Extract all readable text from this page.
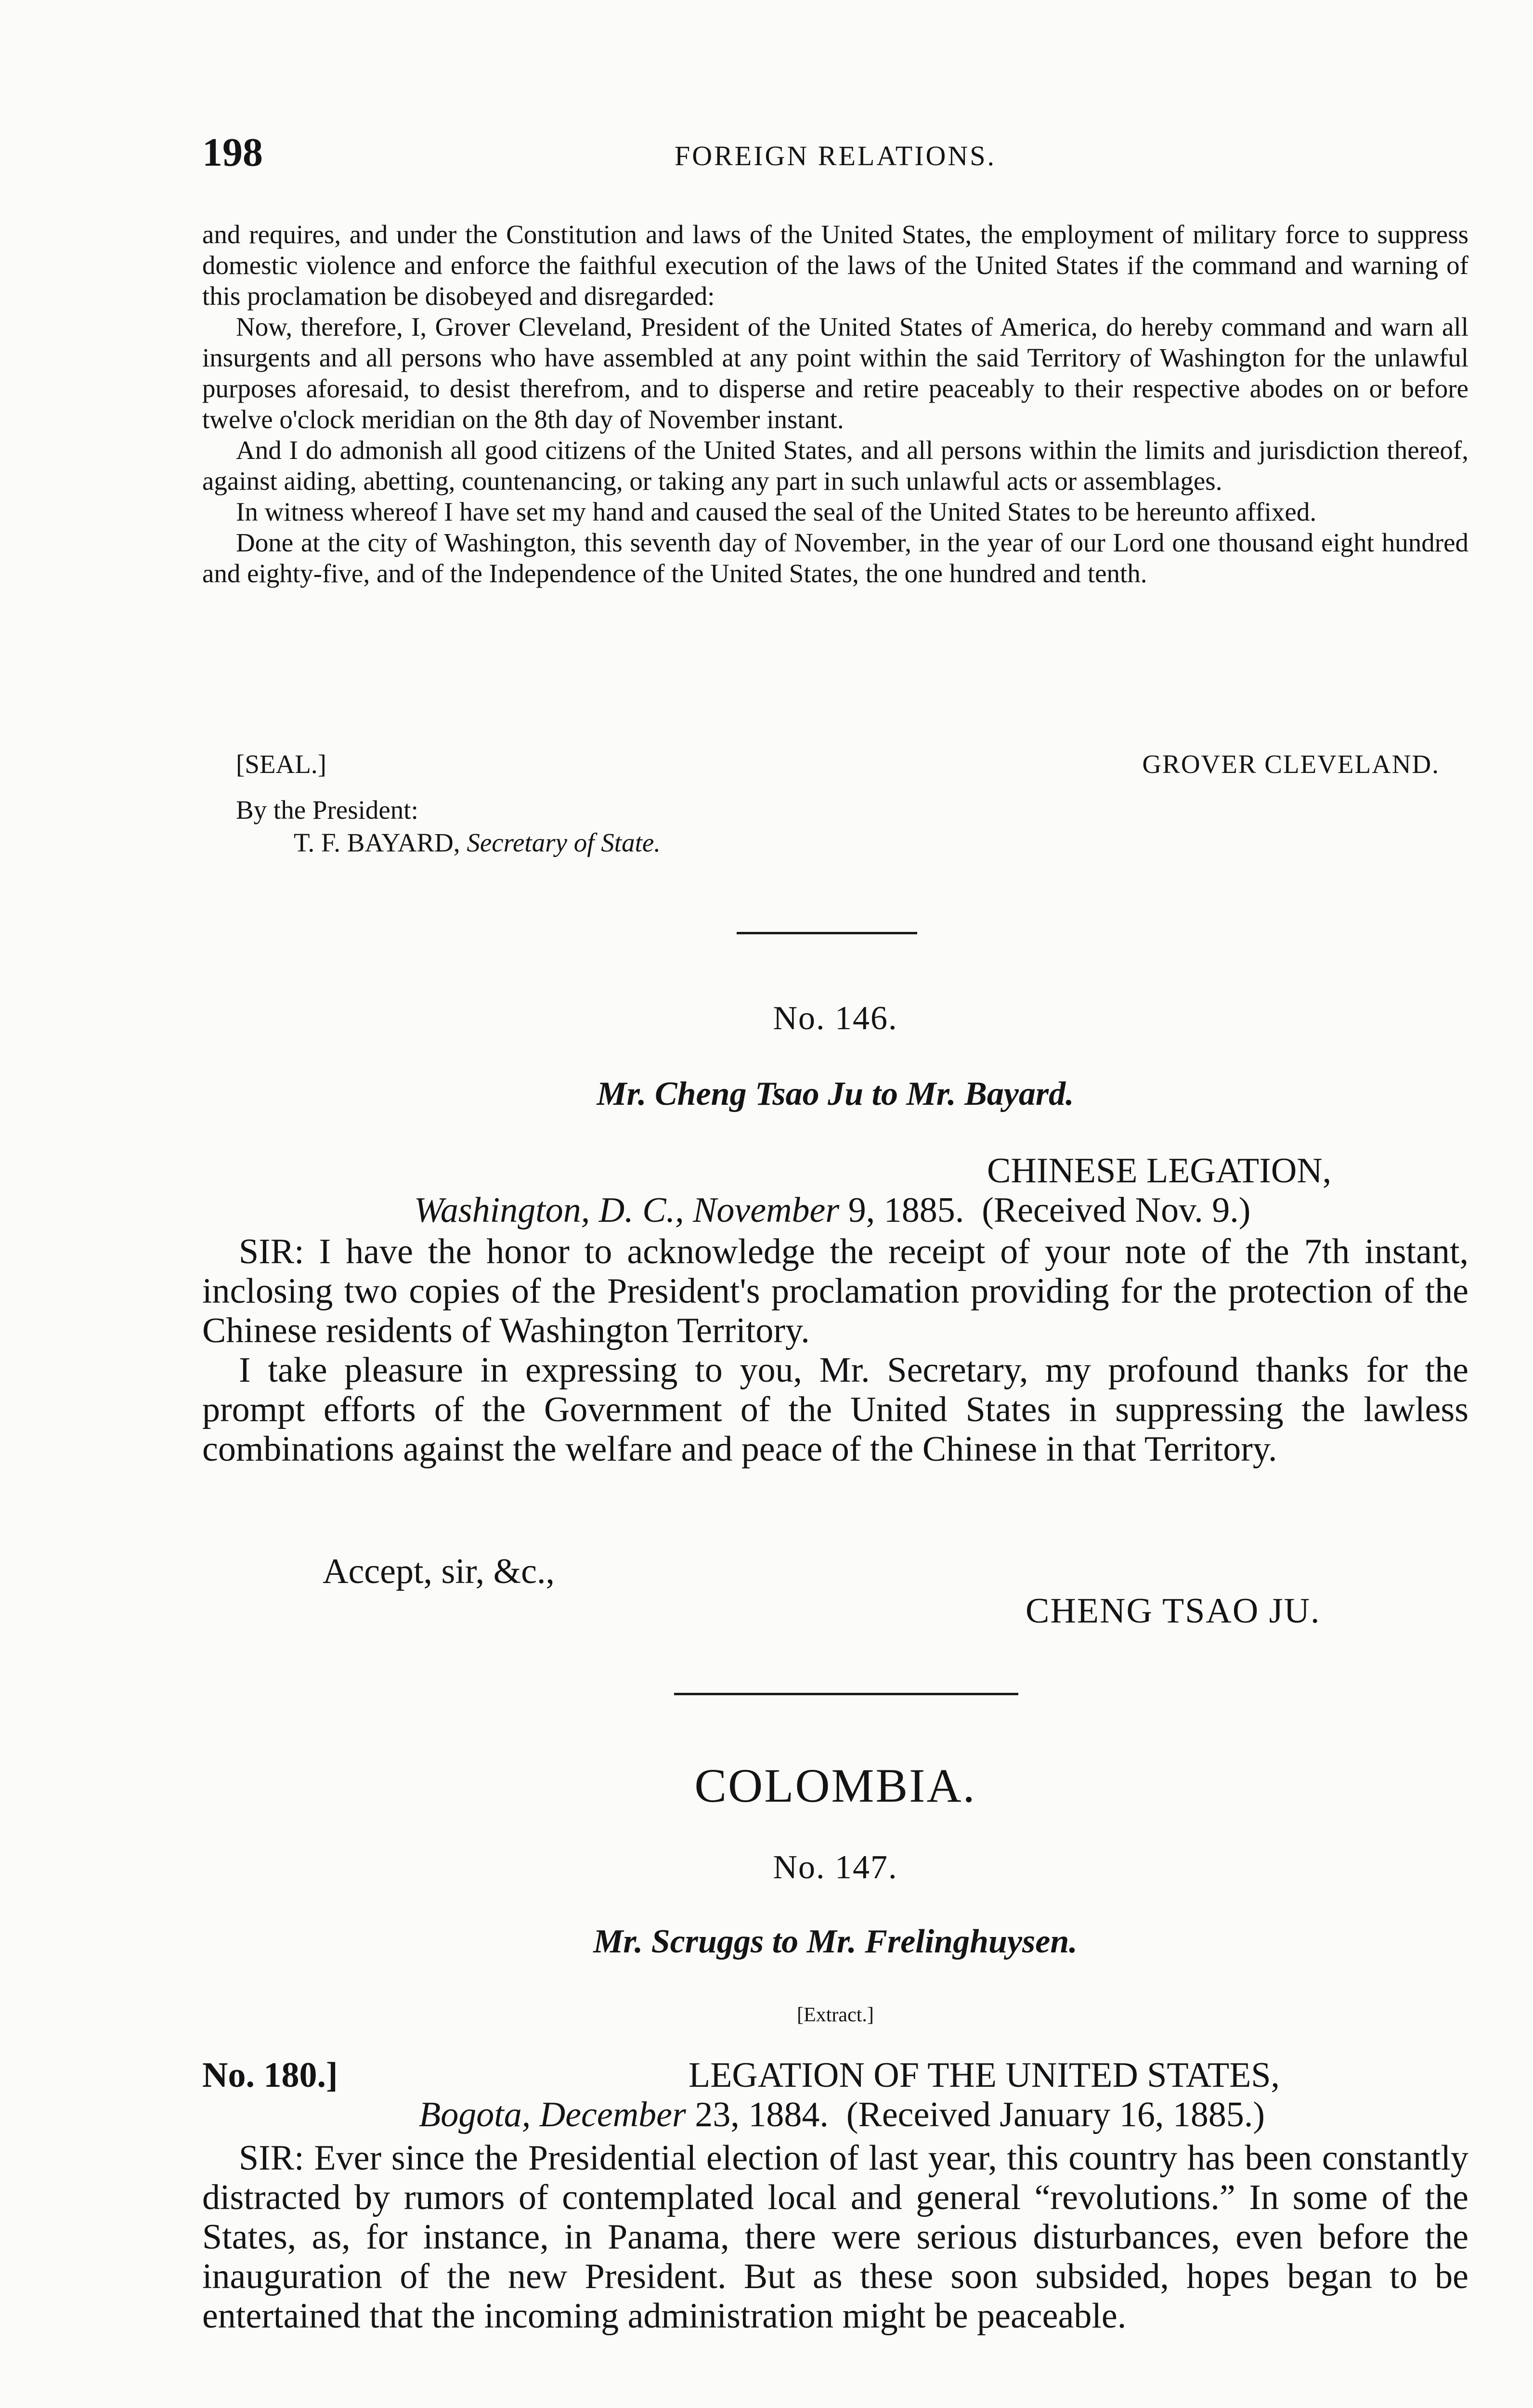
198	FOREIGN RELATIONS.

and requires, and under the Constitution and laws of the United States, the employment of military force to suppress domestic violence and enforce the faithful execution of the laws of the United States if the command and warning of this proclamation be disobeyed and disregarded:

Now, therefore, I, Grover Cleveland, President of the United States of America, do hereby command and warn all insurgents and all persons who have assembled at any point within the said Territory of Washington for the unlawful purposes aforesaid, to desist therefrom, and to disperse and retire peaceably to their respective abodes on or before twelve o'clock meridian on the 8th day of November instant.

And I do admonish all good citizens of the United States, and all persons within the limits and jurisdiction thereof, against aiding, abetting, countenancing, or taking any part in such unlawful acts or assemblages.

In witness whereof I have set my hand and caused the seal of the United States to be hereunto affixed.

Done at the city of Washington, this seventh day of November, in the year of our Lord one thousand eight hundred and eighty-five, and of the Independence of the United States, the one hundred and tenth.

[SEAL.]	GROVER CLEVELAND.
By the President:
T. F. BAYARD, Secretary of State.
No. 146.
Mr. Cheng Tsao Ju to Mr. Bayard.
CHINESE LEGATION,
Washington, D. C., November 9, 1885. (Received Nov. 9.)

SIR: I have the honor to acknowledge the receipt of your note of the 7th instant, inclosing two copies of the President's proclamation providing for the protection of the Chinese residents of Washington Territory.

I take pleasure in expressing to you, Mr. Secretary, my profound thanks for the prompt efforts of the Government of the United States in suppressing the lawless combinations against the welfare and peace of the Chinese in that Territory.

Accept, sir, &c.,
CHENG TSAO JU.
COLOMBIA.
No. 147.
Mr. Scruggs to Mr. Frelinghuysen.
[Extract.]
No. 180.]	LEGATION OF THE UNITED STATES,
Bogota, December 23, 1884. (Received January 16, 1885.)

SIR: Ever since the Presidential election of last year, this country has been constantly distracted by rumors of contemplated local and general “revolutions.” In some of the States, as, for instance, in Panama, there were serious disturbances, even before the inauguration of the new President. But as these soon subsided, hopes began to be entertained that the incoming administration might be peaceable.
